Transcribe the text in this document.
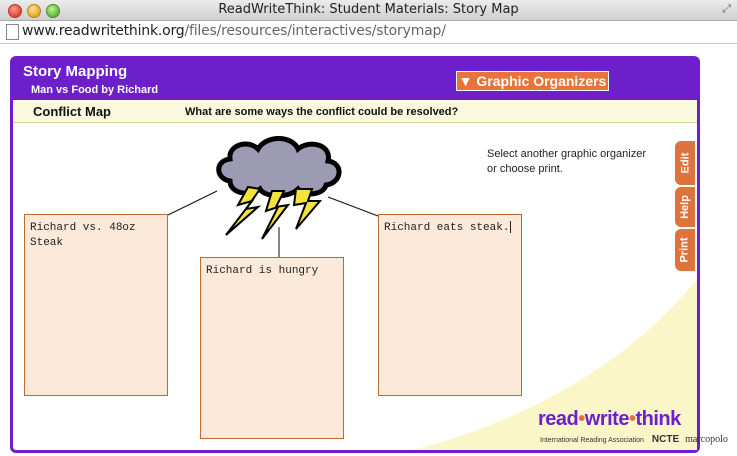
ReadWriteThink: Student Materials: Story Map	⤢
www.readwritethink.org/files/resources/interactives/storymap/
Story Mapping
Man vs Food by Richard
▼ Graphic Organizers
Conflict Map	What are some ways the conflict could be resolved?
Select another graphic organizer or choose print.	Edit
Help
Print
Richard vs. 48oz Steak
Richard is hungry
Richard eats steak.
read•write•think
International Reading Association NCTE marcopolo
